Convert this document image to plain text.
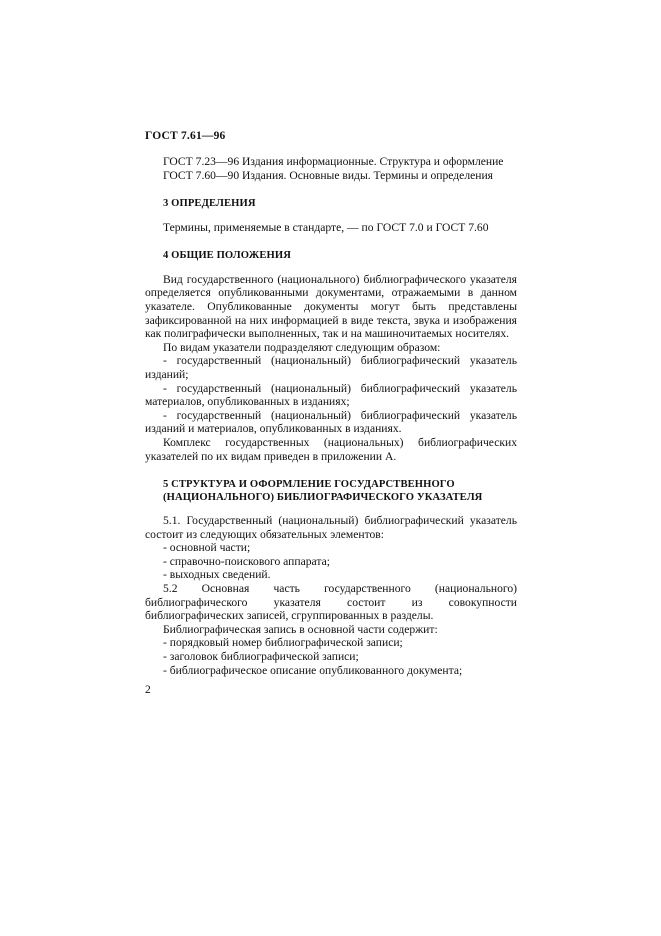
ГОСТ 7.61—96

ГОСТ 7.23—96 Издания информационные. Структура и оформление

ГОСТ 7.60—90 Издания. Основные виды. Термины и определения

3 ОПРЕДЕЛЕНИЯ

Термины, применяемые в стандарте, — по ГОСТ 7.0 и ГОСТ 7.60

4 ОБЩИЕ ПОЛОЖЕНИЯ

Вид государственного (национального) библиографического указателя определяется опубликованными документами, отражаемыми в данном указателе. Опубликованные документы могут быть представлены зафиксированной на них информацией в виде текста, звука и изображения как полиграфически выполненных, так и на машиночитаемых носителях.

По видам указатели подразделяют следующим образом:

- государственный (национальный) библиографический указатель изданий;

- государственный (национальный) библиографический указатель материалов, опубликованных в изданиях;

- государственный (национальный) библиографический указатель изданий и материалов, опубликованных в изданиях.

Комплекс государственных (национальных) библиографических указателей по их видам приведен в приложении А.

5 СТРУКТУРА И ОФОРМЛЕНИЕ ГОСУДАРСТВЕННОГО
(НАЦИОНАЛЬНОГО) БИБЛИОГРАФИЧЕСКОГО УКАЗАТЕЛЯ

5.1. Государственный (национальный) библиографический указатель состоит из следующих обязательных элементов:

- основной части;

- справочно-поискового аппарата;

- выходных сведений.

5.2 Основная часть государственного (национального) библиографического указателя состоит из совокупности библиографических записей, сгруппированных в разделы.

Библиографическая запись в основной части содержит:

- порядковый номер библиографической записи;

- заголовок библиографической записи;

- библиографическое описание опубликованного документа;

2
